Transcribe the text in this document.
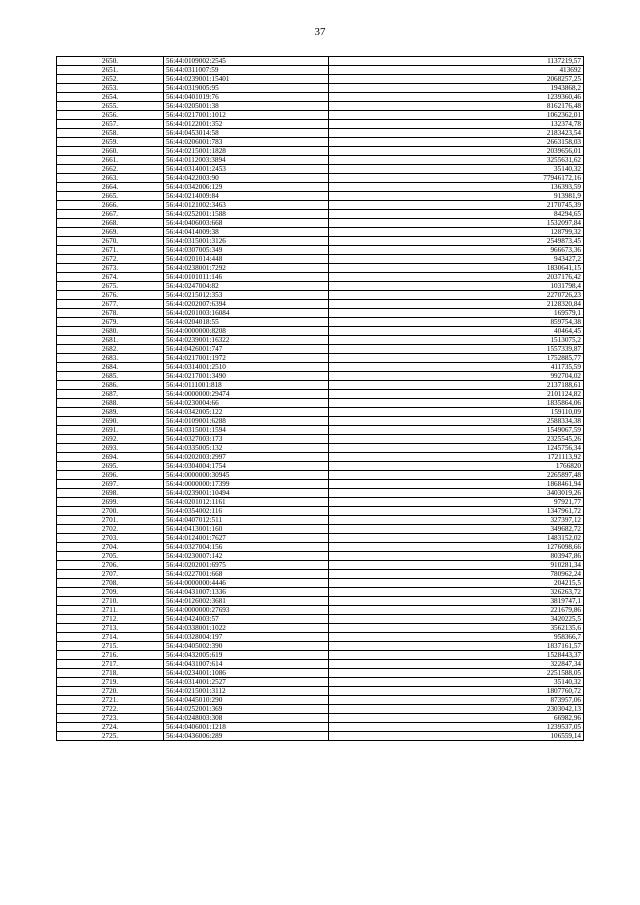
37
2650.	56:44:0109002:2545	1137219,57
2651.	56:44:0311007:59	413692
2652.	56:44:0239001:15401	2068257,25
2653.	56:44:0319005:95	1943868,2
2654.	56:44:0401019:76	1239360,46
2655.	56:44:0205001:38	8162176,48
2656.	56:44:0217001:1012	1062362,01
2657.	56:44:0122001:352	132374,78
2658.	56:44:0453014:58	2183423,54
2659.	56:44:0206001:783	2663158,03
2660.	56:44:0215001:1828	2039656,01
2661.	56:44:0112003:3894	3255631,62
2662.	56:44:0314001:2453	35140,32
2663.	56:44:0422003:90	77946172,16
2664.	56:44:0342006:129	136393,59
2665.	56:44:0214009:84	913981,9
2666.	56:44:0121002:3463	2170745,39
2667.	56:44:0252001:1588	84294,65
2668.	56:44:0406003:668	1532097,84
2669.	56:44:0414009:38	128799,32
2670.	56:44:0315001:3126	2549873,45
2671.	56:44:0307005:349	966673,36
2672.	56:44:0201014:448	943427,2
2673.	56:44:0238001:7292	1830641,15
2674.	56:44:0101011:146	2037176,42
2675.	56:44:0247004:82	1031798,4
2676.	56:44:0215012:353	2270726,23
2677.	56:44:0202007:6394	2128320,84
2678.	56:44:0201003:16084	169579,1
2679.	56:44:0204018:55	859754,38
2680.	56:44:0000000:8208	40464,45
2681.	56:44:0239001:16322	1513075,2
2682.	56:44:0426001:747	1557339,87
2683.	56:44:0217001:1972	1752885,77
2684.	56:44:0314001:2510	411735,59
2685.	56:44:0217001:3490	992704,02
2686.	56:44:0111001:818	2137188,61
2687.	56:44:0000000:29474	2101124,82
2688.	56:44:0230004:66	1835864,06
2689.	56:44:0342005:122	159110,09
2690.	56:44:0109001:6288	2588334,38
2691.	56:44:0315001:1594	1549067,59
2692.	56:44:0327003:173	2325545,26
2693.	56:44:0335005:132	1245756,34
2694.	56:44:0202003:2997	1721113,92
2695.	56:44:0304004:1754	1766820
2696.	56:44:0000000:30945	2265897,48
2697.	56:44:0000000:17399	1868461,94
2698.	56:44:0239001:10494	3403019,26
2699.	56:44:0201012:1161	97921,77
2700.	56:44:0354002:116	1347961,72
2701.	56:44:0407012:511	327397,12
2702.	56:44:0413001:160	349682,72
2703.	56:44:0124001:7627	1483152,02
2704.	56:44:0327004:156	1276098,66
2705.	56:44:0230007:142	803947,86
2706.	56:44:0202001:6975	910281,34
2707.	56:44:0227001:668	780962,24
2708.	56:44:0000000:4446	204215,5
2709.	56:44:0431007:1336	326263,72
2710.	56:44:0126002:3681	3819747,1
2711.	56:44:0000000:27693	221679,86
2712.	56:44:0424003:57	3420225,5
2713.	56:44:0338001:1022	3562135,6
2714.	56:44:0328004:197	958366,7
2715.	56:44:0405002:390	1837161,57
2716.	56:44:0432005:619	1528443,37
2717.	56:44:0431007:614	322847,34
2718.	56:44:0234001:1086	2251588,05
2719.	56:44:0314001:2527	35140,32
2720.	56:44:0215001:3112	1807760,72
2721.	56:44:0445010:290	873957,06
2722.	56:44:0252001:369	2303042,13
2723.	56:44:0248003:308	66982,96
2724.	56:44:0406001:1218	1239537,05
2725.	56:44:0436006:289	106559,14
